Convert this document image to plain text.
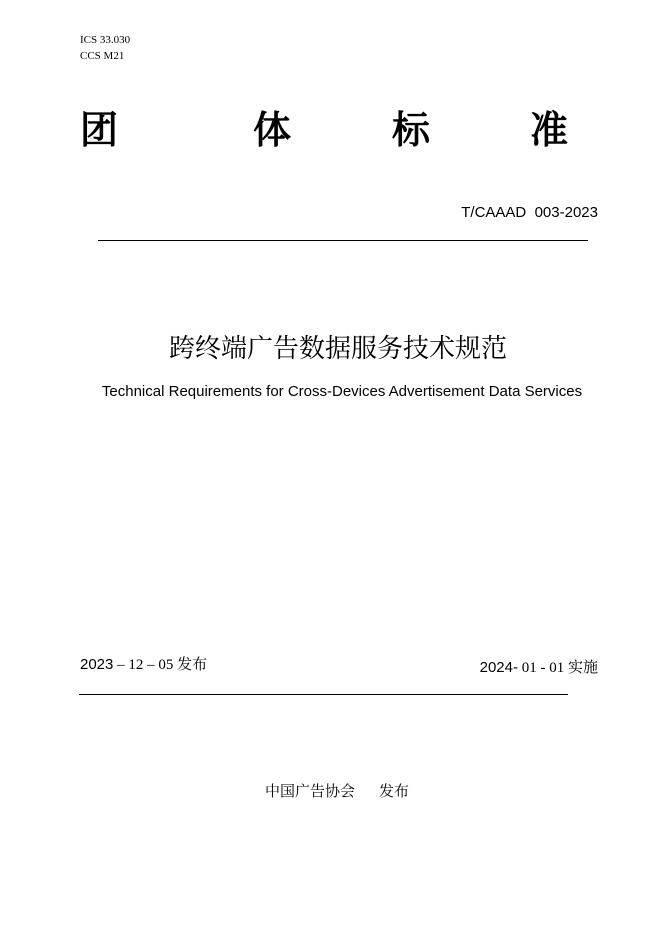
ICS 33.030
CCS M21
团	体	标	准
T/CAAAD  003-2023
跨终端广告数据服务技术规范
Technical Requirements for Cross-Devices Advertisement Data Services
2023 – 12 – 05 发布	2024- 01 - 01 实施
中国广告协会 发布
